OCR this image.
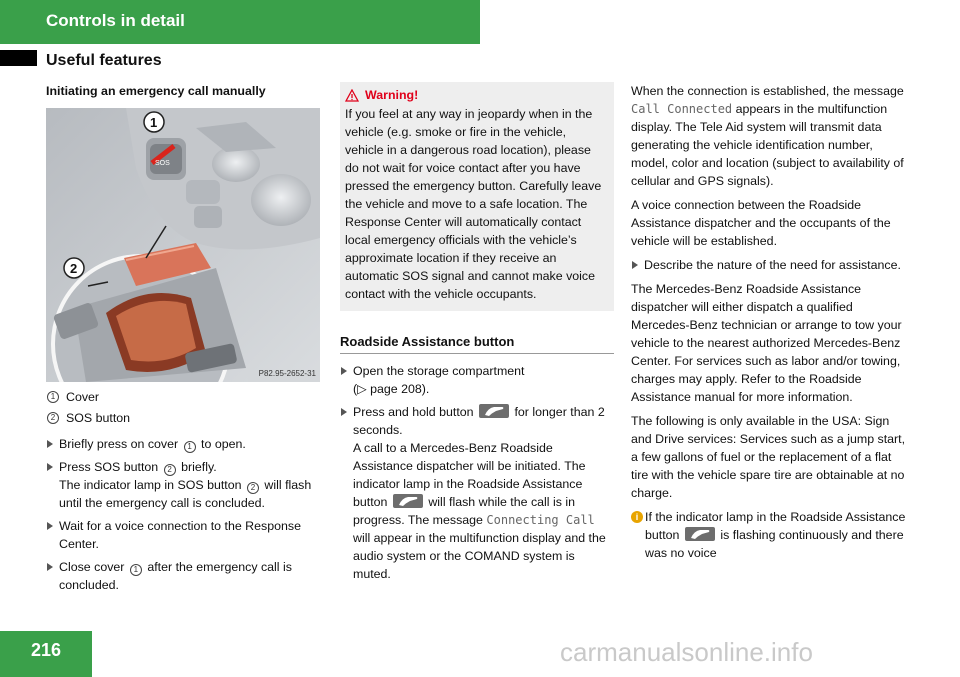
Controls in detail
Useful features
Initiating an emergency call manually
SOS
1
2
P82.95-2652-31
1 Cover
2 SOS button
Briefly press on cover 1 to open.
Press SOS button 2 briefly.
The indicator lamp in SOS button 2 will flash until the emergency call is concluded.
Wait for a voice connection to the Response Center.
Close cover 1 after the emergency call is concluded.
Warning!
If you feel at any way in jeopardy when in the vehicle (e.g. smoke or fire in the vehicle, vehicle in a dangerous road location), please do not wait for voice contact after you have pressed the emergency button. Carefully leave the vehicle and move to a safe location. The Response Center will automatically contact local emergency officials with the vehicle’s approximate location if they receive an automatic SOS signal and cannot make voice contact with the vehicle occupants.
Roadside Assistance button
Open the storage compartment
(▷ page 208).
Press and hold button	for longer than 2 seconds.
A call to a Mercedes-Benz Roadside Assistance dispatcher will be initiated. The indicator lamp in the Roadside Assistance button	will flash while the call is in progress. The message Connecting Call will appear in the multifunction display and the audio system or the COMAND system is muted.
When the connection is established, the message Call Connected appears in the multifunction display. The Tele Aid system will transmit data generating the vehicle identification number, model, color and location (subject to availability of cellular and GPS signals).
A voice connection between the Roadside Assistance dispatcher and the occupants of the vehicle will be established.
Describe the nature of the need for assistance.
The Mercedes-Benz Roadside Assistance dispatcher will either dispatch a qualified Mercedes-Benz technician or arrange to tow your vehicle to the nearest authorized Mercedes-Benz Center. For services such as labor and/or towing, charges may apply. Refer to the Roadside Assistance manual for more information.
The following is only available in the USA: Sign and Drive services: Services such as a jump start, a few gallons of fuel or the replacement of a flat tire with the vehicle spare tire are obtainable at no charge.
i If the indicator lamp in the Roadside Assistance button	is flashing continuously and there was no voice
216	carmanualsonline.info
